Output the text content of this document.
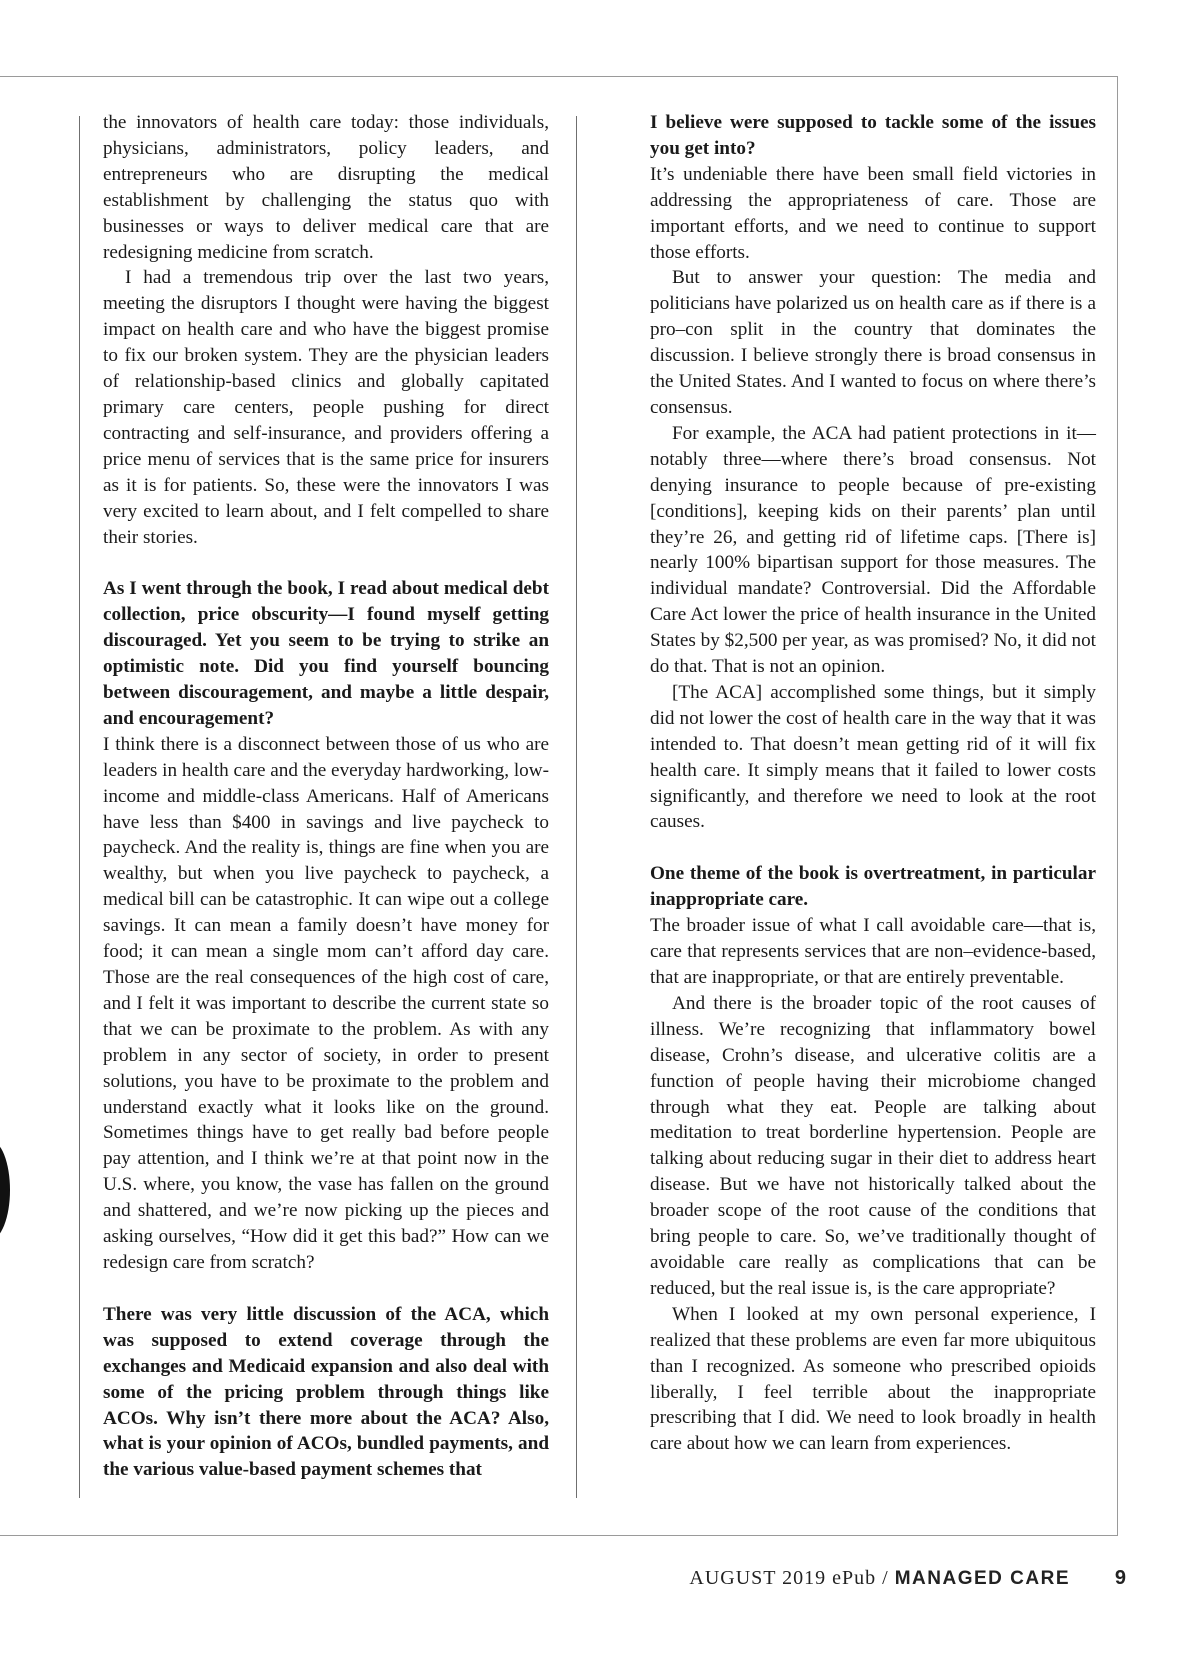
the innovators of health care today: those individuals, physicians, administrators, policy leaders, and entrepreneurs who are disrupting the medical establishment by challenging the status quo with businesses or ways to deliver medical care that are redesigning medicine from scratch.

I had a tremendous trip over the last two years, meeting the disruptors I thought were having the biggest impact on health care and who have the biggest promise to fix our broken system. They are the physician leaders of relationship-based clinics and globally capitated primary care centers, people pushing for direct contracting and self-insurance, and providers offering a price menu of services that is the same price for insurers as it is for patients. So, these were the innovators I was very excited to learn about, and I felt compelled to share their stories.

As I went through the book, I read about medical debt collection, price obscurity—I found myself getting discouraged. Yet you seem to be trying to strike an optimistic note. Did you find yourself bouncing between discouragement, and maybe a little despair, and encouragement?

I think there is a disconnect between those of us who are leaders in health care and the everyday hardworking, low-income and middle-class Americans. Half of Americans have less than $400 in savings and live paycheck to paycheck. And the reality is, things are fine when you are wealthy, but when you live paycheck to paycheck, a medical bill can be catastrophic. It can wipe out a college savings. It can mean a family doesn’t have money for food; it can mean a single mom can’t afford day care. Those are the real consequences of the high cost of care, and I felt it was important to describe the current state so that we can be proximate to the problem. As with any problem in any sector of society, in order to present solutions, you have to be proximate to the problem and understand exactly what it looks like on the ground. Sometimes things have to get really bad before people pay attention, and I think we’re at that point now in the U.S. where, you know, the vase has fallen on the ground and shattered, and we’re now picking up the pieces and asking ourselves, “How did it get this bad?” How can we redesign care from scratch?

There was very little discussion of the ACA, which was supposed to extend coverage through the exchanges and Medicaid expansion and also deal with some of the pricing problem through things like ACOs. Why isn’t there more about the ACA? Also, what is your opinion of ACOs, bundled payments, and the various value-based payment schemes that

I believe were supposed to tackle some of the issues you get into?

It’s undeniable there have been small field victories in addressing the appropriateness of care. Those are important efforts, and we need to continue to support those efforts.

But to answer your question: The media and politicians have polarized us on health care as if there is a pro–con split in the country that dominates the discussion. I believe strongly there is broad consensus in the United States. And I wanted to focus on where there’s consensus.

For example, the ACA had patient protections in it—notably three—where there’s broad consensus. Not denying insurance to people because of pre-existing [conditions], keeping kids on their parents’ plan until they’re 26, and getting rid of lifetime caps. [There is] nearly 100% bipartisan support for those measures. The individual mandate? Controversial. Did the Affordable Care Act lower the price of health insurance in the United States by $2,500 per year, as was promised? No, it did not do that. That is not an opinion.

[The ACA] accomplished some things, but it simply did not lower the cost of health care in the way that it was intended to. That doesn’t mean getting rid of it will fix health care. It simply means that it failed to lower costs significantly, and therefore we need to look at the root causes.

One theme of the book is overtreatment, in particular inappropriate care.

The broader issue of what I call avoidable care—that is, care that represents services that are non–evidence-based, that are inappropriate, or that are entirely preventable.

And there is the broader topic of the root causes of illness. We’re recognizing that inflammatory bowel disease, Crohn’s disease, and ulcerative colitis are a function of people having their microbiome changed through what they eat. People are talking about meditation to treat borderline hypertension. People are talking about reducing sugar in their diet to address heart disease. But we have not historically talked about the broader scope of the root cause of the conditions that bring people to care. So, we’ve traditionally thought of avoidable care really as complications that can be reduced, but the real issue is, is the care appropriate?

When I looked at my own personal experience, I realized that these problems are even far more ubiquitous than I recognized. As someone who prescribed opioids liberally, I feel terrible about the inappropriate prescribing that I did. We need to look broadly in health care about how we can learn from experiences.

AUGUST 2019 ePub / MANAGED CARE 9
